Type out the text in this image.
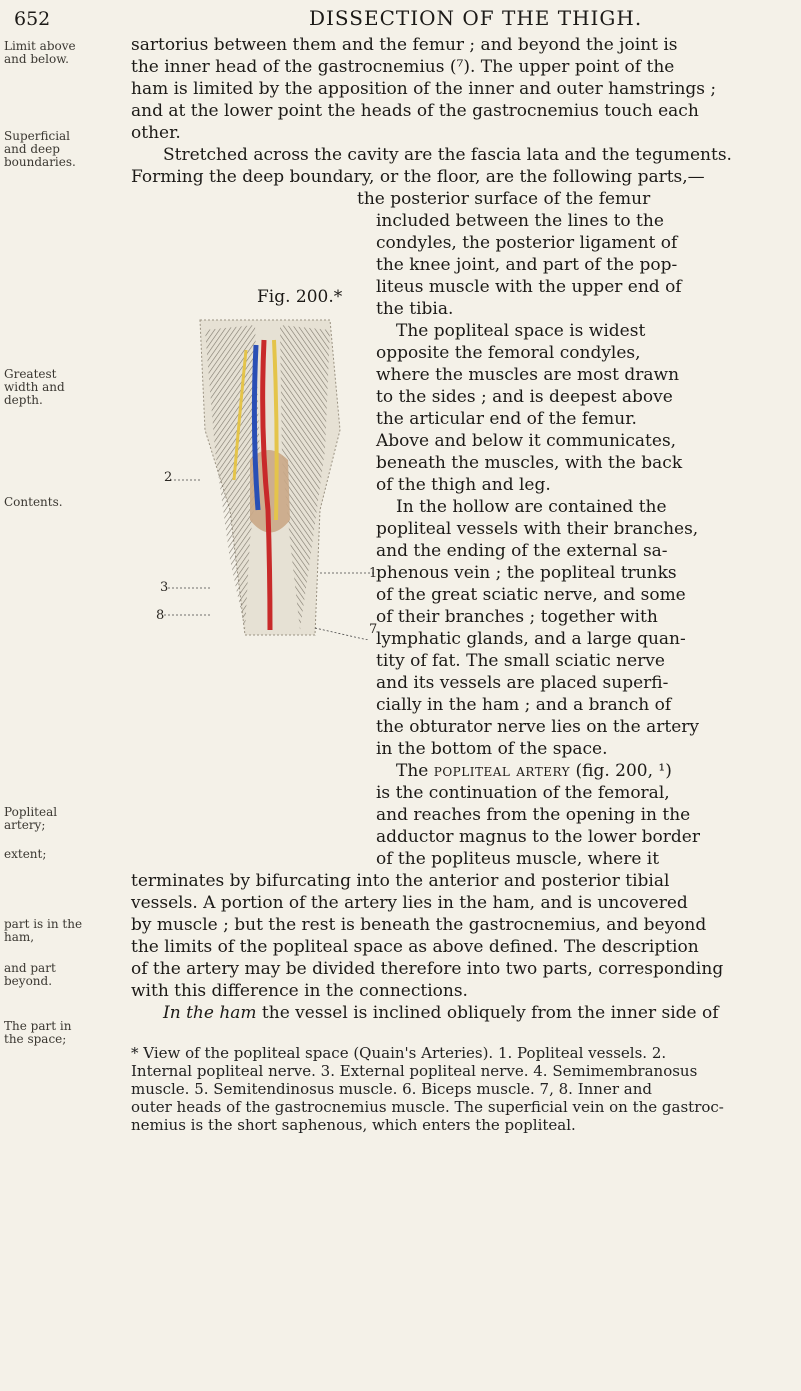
652	DISSECTION OF THE THIGH.
Limit above and below.
Superficial and deep boundaries.
Greatest width and depth.
Contents.
Popliteal artery;
extent;
part is in the ham,
and part beyond.
The part in the space;
sartorius between them and the femur ; and beyond the joint is
the inner head of the gastrocnemius (⁷). The upper point of the
ham is limited by the apposition of the inner and outer hamstrings ;
and at the lower point the heads of the gastrocnemius touch each
other.
Stretched across the cavity are the fascia lata and the teguments.
Forming the deep boundary, or the floor, are the following parts,—
the posterior surface of the femur
Fig. 200.*
included between the lines to the
condyles, the posterior ligament of
the knee joint, and part of the pop-
liteus muscle with the upper end of
the tibia.
The popliteal space is widest
opposite the femoral condyles,
where the muscles are most drawn
to the sides ; and is deepest above
the articular end of the femur.
Above and below it communicates,
beneath the muscles, with the back
of the thigh and leg.
In the hollow are contained the
popliteal vessels with their branches,
and the ending of the external sa-
phenous vein ; the popliteal trunks
of the great sciatic nerve, and some
of their branches ; together with
lymphatic glands, and a large quan-
tity of fat. The small sciatic nerve
and its vessels are placed superfi-
cially in the ham ; and a branch of
the obturator nerve lies on the artery
in the bottom of the space.
The popliteal artery (fig. 200, ¹)
is the continuation of the femoral,
and reaches from the opening in the
adductor magnus to the lower border
of the popliteus muscle, where it
terminates by bifurcating into the anterior and posterior tibial
vessels. A portion of the artery lies in the ham, and is uncovered
by muscle ; but the rest is beneath the gastrocnemius, and beyond
the limits of the popliteal space as above defined. The description
of the artery may be divided therefore into two parts, corresponding
with this difference in the connections.
In the ham the vessel is inclined obliquely from the inner side of
2
3
8
1
7
* View of the popliteal space (Quain's Arteries). 1. Popliteal vessels. 2.
Internal popliteal nerve. 3. External popliteal nerve. 4. Semimembranosus
muscle. 5. Semitendinosus muscle. 6. Biceps muscle. 7, 8. Inner and
outer heads of the gastrocnemius muscle. The superficial vein on the gastroc-
nemius is the short saphenous, which enters the popliteal.
